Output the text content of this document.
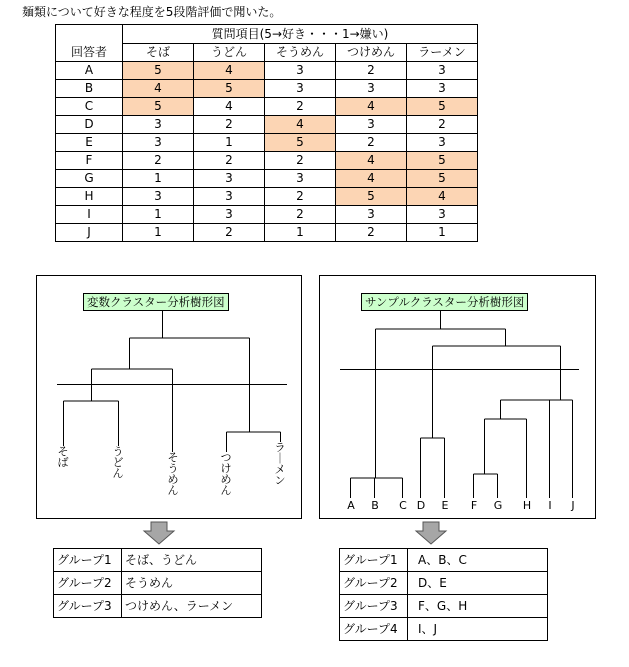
麺類について好きな程度を5段階評価で聞いた。
	質問項目(5→好き・・・1→嫌い)				
回答者	そば	うどん	そうめん	つけめん	ラーメン
A	5	4	3	2	3
B	4	5	3	3	3
C	5	4	2	4	5
D	3	2	4	3	2
E	3	1	5	2	3
F	2	2	2	4	5
G	1	3	3	4	5
H	3	3	2	5	4
I	1	3	2	3	3
J	1	2	1	2	1
変数クラスター分析樹形図
そ
ば
う
ど
ん
そ
う
め
ん
つ
け
め
ん
ラ
｜
メ
ン
サンプルクラスター分析樹形図
A B C D	E	F	G H	I	J
グループ1	そば、うどん
グループ2	そうめん
グループ3	つけめん、ラーメン
グループ1	A、B、C
グループ2	D、E
グループ3	F、G、H
グループ4	I、J
